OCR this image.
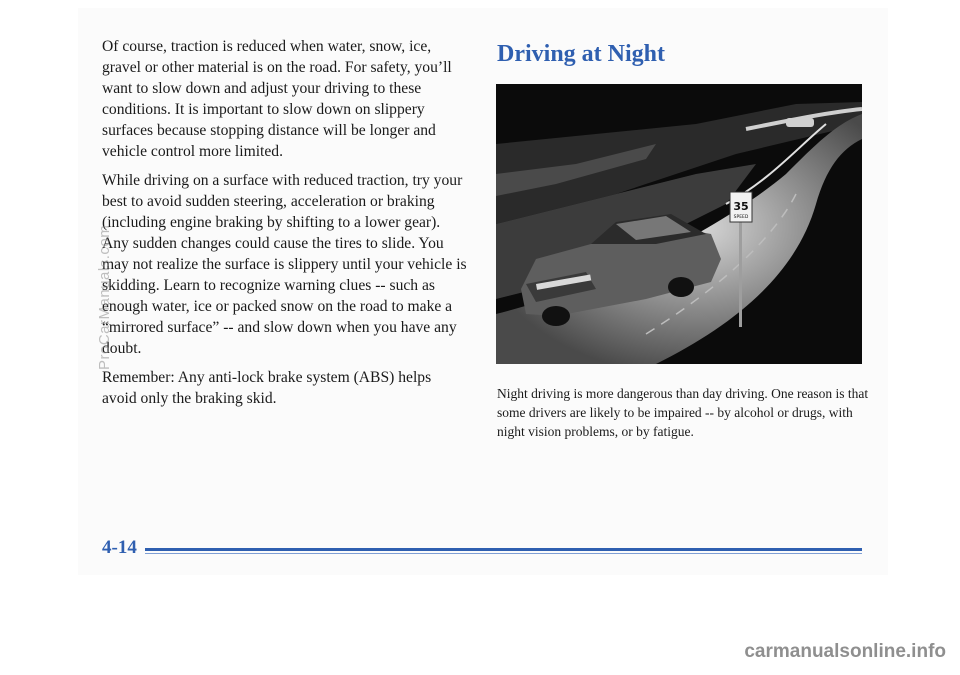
Of course, traction is reduced when water, snow, ice, gravel or other material is on the road. For safety, you’ll want to slow down and adjust your driving to these conditions. It is important to slow down on slippery surfaces because stopping distance will be longer and vehicle control more limited.

While driving on a surface with reduced traction, try your best to avoid sudden steering, acceleration or braking (including engine braking by shifting to a lower gear). Any sudden changes could cause the tires to slide. You may not realize the surface is slippery until your vehicle is skidding. Learn to recognize warning clues -- such as enough water, ice or packed snow on the road to make a “mirrored surface” -- and slow down when you have any doubt.

Remember: Any anti-lock brake system (ABS) helps avoid only the braking skid.

Driving at Night
35
SPEED

Night driving is more dangerous than day driving. One reason is that some drivers are likely to be impaired -- by alcohol or drugs, with night vision problems, or by fatigue.

4-14
ProCarManuals.com
carmanualsonline.info
